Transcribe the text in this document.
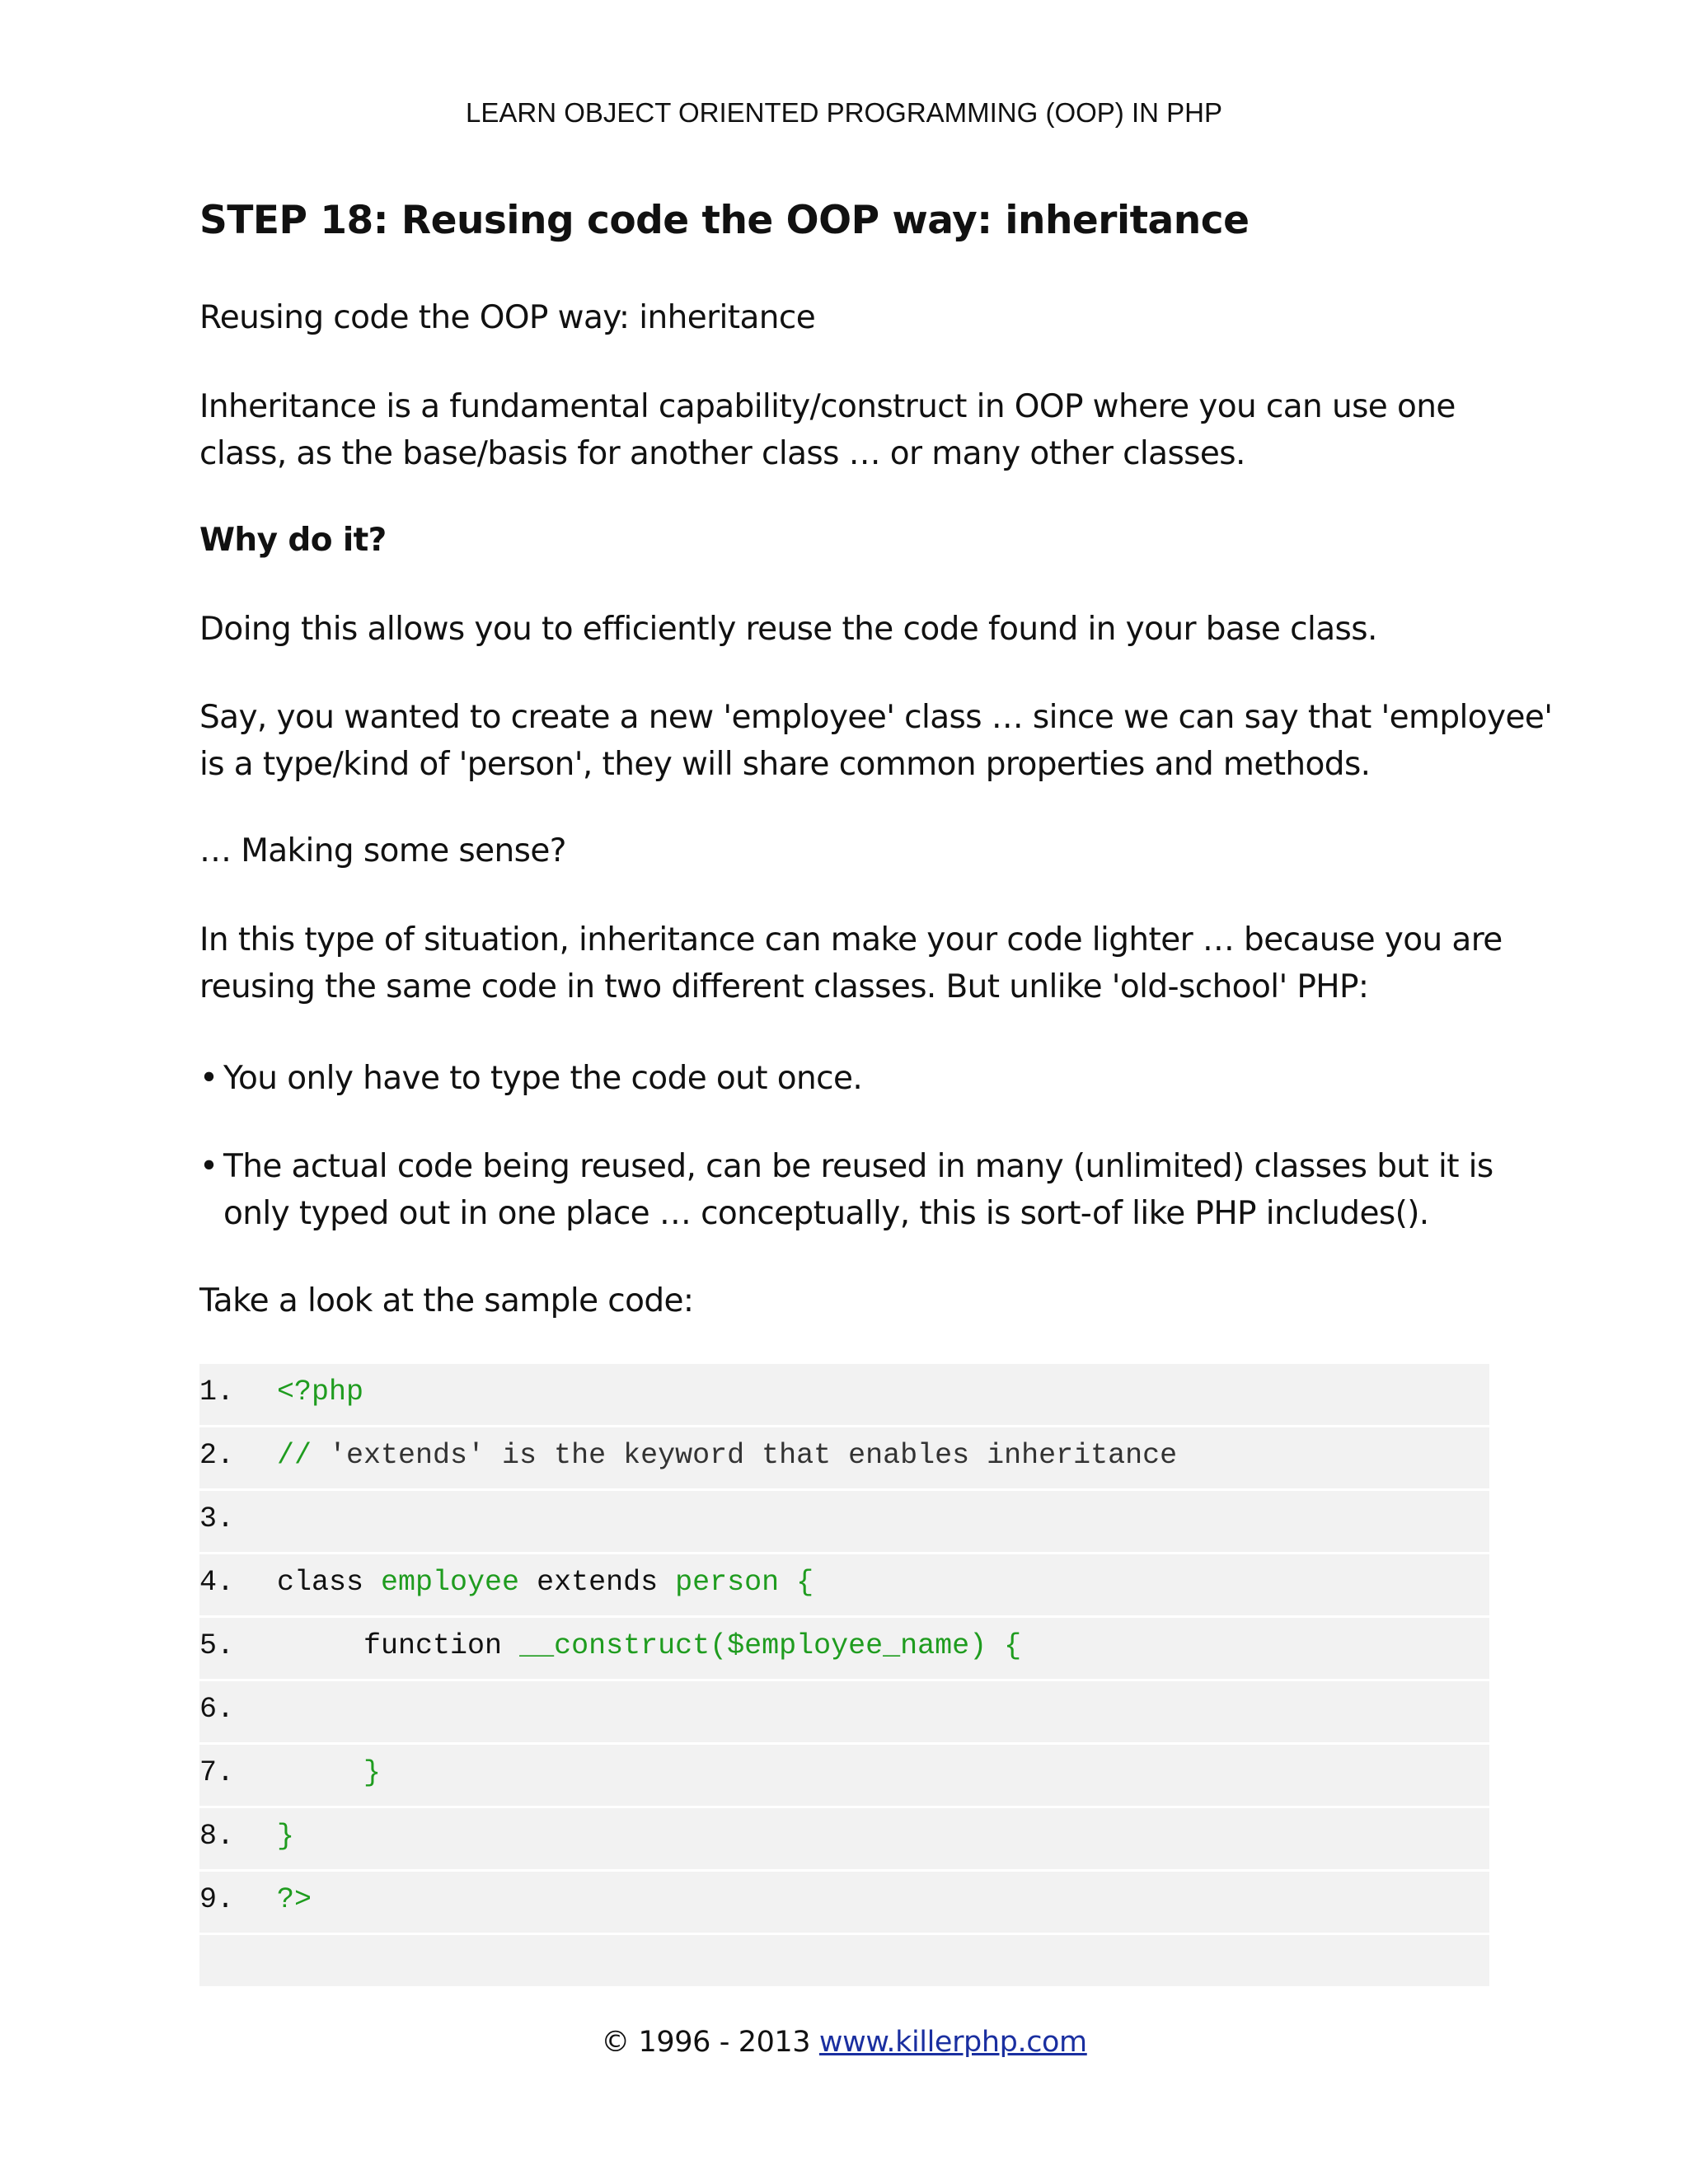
LEARN OBJECT ORIENTED PROGRAMMING (OOP) IN PHP
STEP 18: Reusing code the OOP way: inheritance

Reusing code the OOP way: inheritance

Inheritance is a fundamental capability/construct in OOP where you can use one
class, as the base/basis for another class … or many other classes.

Why do it?

Doing this allows you to efficiently reuse the code found in your base class.

Say, you wanted to create a new 'employee' class … since we can say that 'employee'
is a type/kind of 'person', they will share common properties and methods.

… Making some sense?

In this type of situation, inheritance can make your code lighter … because you are
reusing the same code in two different classes. But unlike 'old-school' PHP:
• You only have to type the code out once.
• The actual code being reused, can be reused in many (unlimited) classes but it is
only typed out in one place … conceptually, this is sort-of like PHP includes().

Take a look at the sample code:

1. <?php
2. // 'extends' is the keyword that enables inheritance
3.
4. class employee extends person {
5. function __construct($employee_name) {
6.
7. }
8. }
9. ?>
© 1996 - 2013 www.killerphp.com
